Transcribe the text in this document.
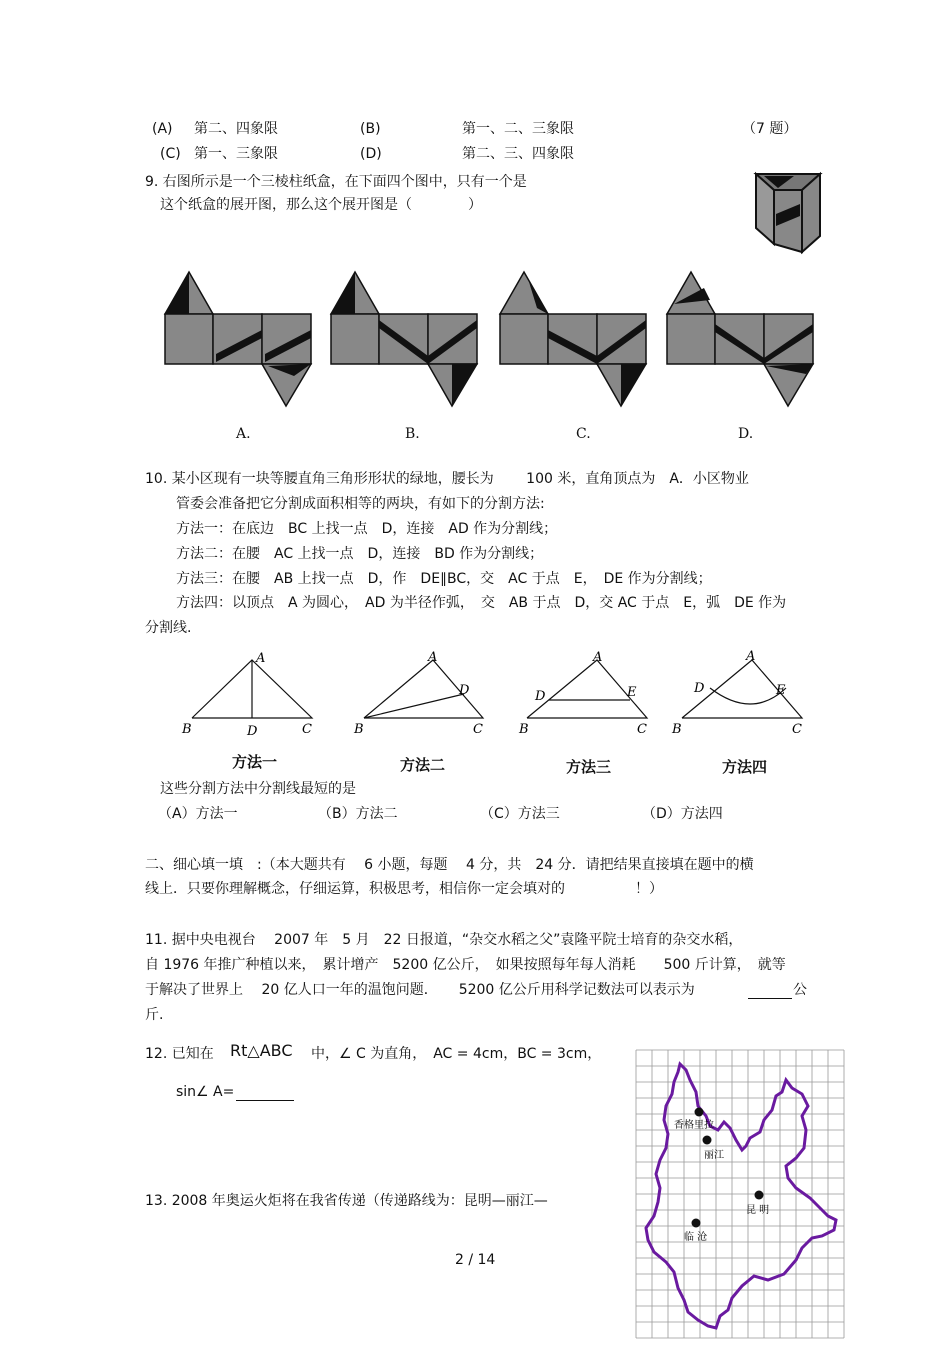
(A) 第二、四象限	(B)	第一、二、三象限	（7 题）
(C) 第一、三象限	(D)	第二、三、四象限
9. 右图所示是一个三棱柱纸盒，在下面四个图中，只有一个是
这个纸盒的展开图，那么这个展开图是（　　　　）
A.	B.	C.	D.
10. 某小区现有一块等腰直角三角形形状的绿地，腰长为　　 100 米，直角顶点为　A．小区物业
管委会准备把它分割成面积相等的两块，有如下的分割方法:
方法一：在底边　BC 上找一点　D，连接　AD 作为分割线；
方法二：在腰　AC 上找一点　D，连接　BD 作为分割线；
方法三：在腰　AB 上找一点　D，作　DE∥BC，交　AC 于点　E，　DE 作为分割线；
方法四：以顶点　A 为圆心，　AD 为半径作弧，　交　AB 于点　D，交 AC 于点　E，弧　DE 作为
分割线.
A
B	D	C
A
D
B	C
A
D	E
B	C
A
D	E
B	C
方法一	方法二	方法三	方法四
这些分割方法中分割线最短的是
（A）方法一	（B）方法二	（C）方法三	（D）方法四
二、细心填一填　:（本大题共有　 6 小题，每题　 4 分，共　24 分．请把结果直接填在题中的横
线上．只要你理解概念，仔细运算，积极思考，相信你一定会填对的　　　　　！）
11. 据中央电视台　 2007 年　5 月　22 日报道，“杂交水稻之父”袁隆平院士培育的杂交水稻，
自 1976 年推广种植以来，　累计增产　5200 亿公斤，　如果按照每年每人消耗　　500 斤计算，　就等
于解决了世界上　 20 亿人口一年的温饱问题．　　5200 亿公斤用科学记数法可以表示为	公
斤.
12. 已知在 Rt△ABC 中，∠ C 为直角，　AC = 4cm，BC = 3cm，
sin∠ A=
13. 2008 年奥运火炬将在我省传递（传递路线为：昆明—丽江—
香格里拉
丽江
昆 明
临 沧
2 / 14
